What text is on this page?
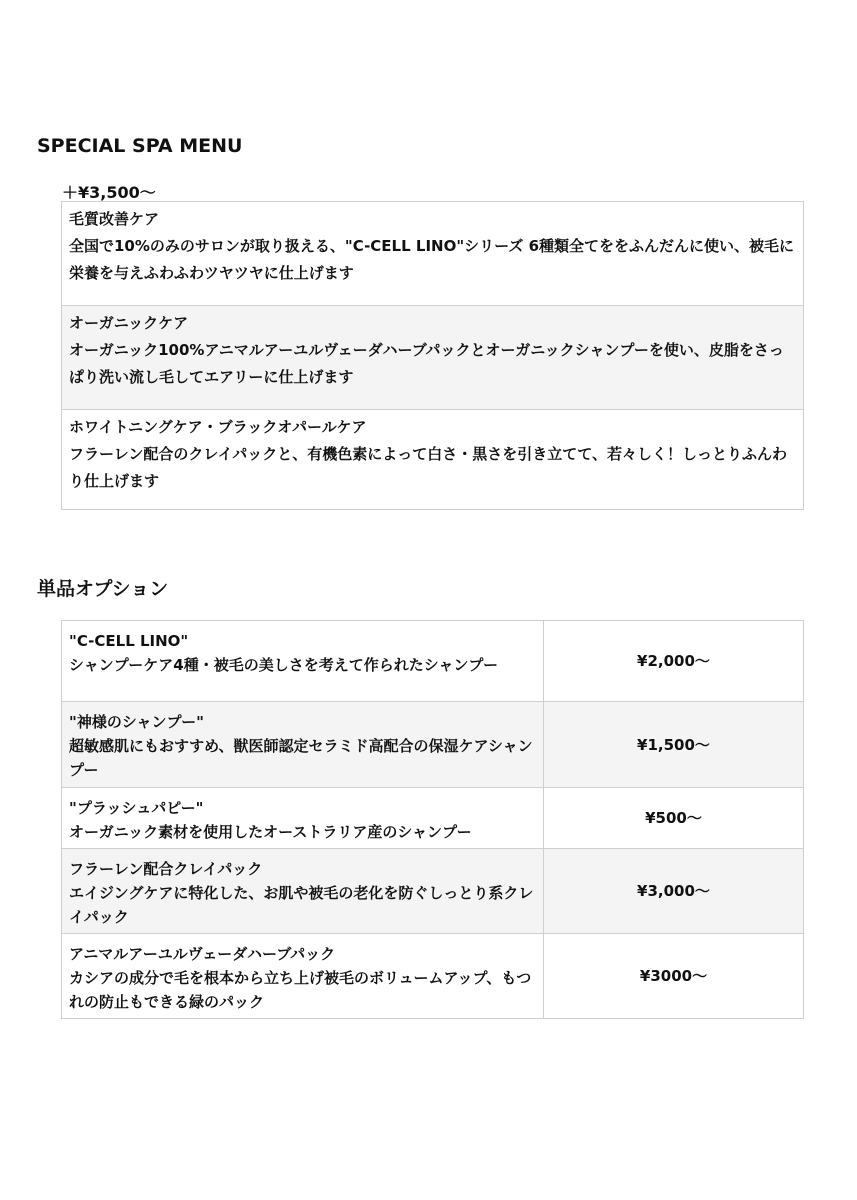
SPECIAL SPA MENU
＋¥3,500〜
毛質改善ケア
全国で10%のみのサロンが取り扱える、"C-CELL LINO"シリーズ 6種類全てををふんだんに使い、被毛に栄養を与えふわふわツヤツヤに仕上げます

オーガニックケア
オーガニック100%アニマルアーユルヴェーダハーブパックとオーガニックシャンプーを使い、皮脂をさっぱり洗い流し毛してエアリーに仕上げます

ホワイトニングケア・ブラックオパールケア
フラーレン配合のクレイパックと、有機色素によって白さ・黒さを引き立てて、若々しく！しっとりふんわり仕上げます
単品オプション
"C-CELL LINO"
シャンプーケア4種・被毛の美しさを考えて作られたシャンプー	¥2,000〜

"神様のシャンプー"
超敏感肌にもおすすめ、獣医師認定セラミド高配合の保湿ケアシャンプー	¥1,500〜

"プラッシュパピー"
オーガニック素材を使用したオーストラリア産のシャンプー	¥500〜

フラーレン配合クレイパック
エイジングケアに特化した、お肌や被毛の老化を防ぐしっとり系クレイパック	¥3,000〜

アニマルアーユルヴェーダハーブパック
カシアの成分で毛を根本から立ち上げ被毛のボリュームアップ、もつれの防止もできる緑のパック	¥3000〜
